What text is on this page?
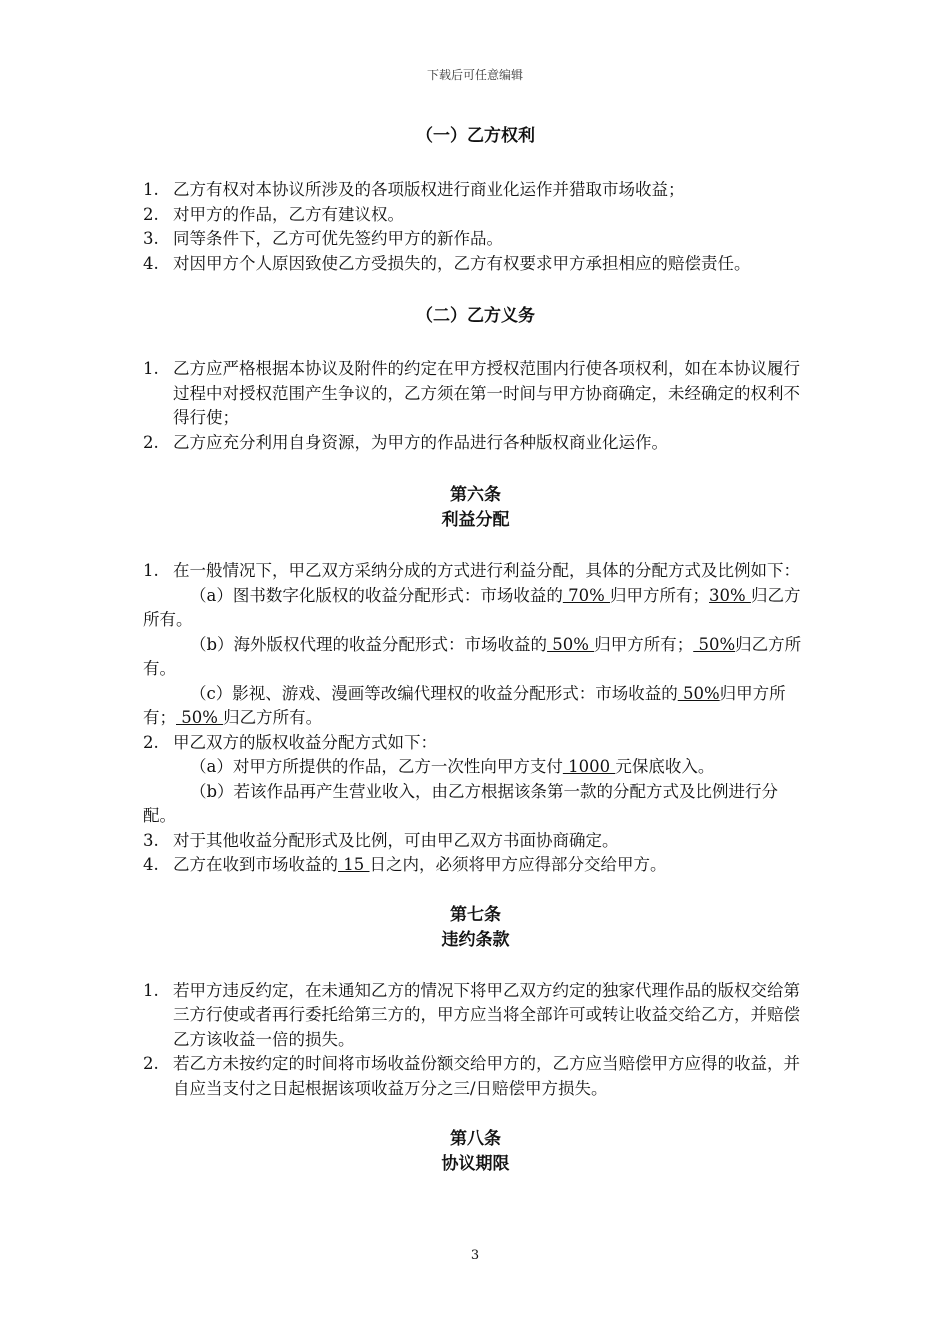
下载后可任意编辑
（一）乙方权利
1. 乙方有权对本协议所涉及的各项版权进行商业化运作并猎取市场收益；
2. 对甲方的作品，乙方有建议权。
3. 同等条件下，乙方可优先签约甲方的新作品。
4. 对因甲方个人原因致使乙方受损失的，乙方有权要求甲方承担相应的赔偿责任。
（二）乙方义务
1. 乙方应严格根据本协议及附件的约定在甲方授权范围内行使各项权利，如在本协议履行过程中对授权范围产生争议的，乙方须在第一时间与甲方协商确定，未经确定的权利不得行使；
2. 乙方应充分利用自身资源，为甲方的作品进行各种版权商业化运作。
第六条
利益分配
1. 在一般情况下，甲乙双方采纳分成的方式进行利益分配，具体的分配方式及比例如下：
（a）图书数字化版权的收益分配形式：市场收益的 70% 归甲方所有；30% 归乙方所有。
（b）海外版权代理的收益分配形式：市场收益的 50% 归甲方所有； 50%归乙方所有。
（c）影视、游戏、漫画等改编代理权的收益分配形式：市场收益的 50%归甲方所有； 50% 归乙方所有。
2. 甲乙双方的版权收益分配方式如下：
（a）对甲方所提供的作品，乙方一次性向甲方支付 1000 元保底收入。
（b）若该作品再产生营业收入，由乙方根据该条第一款的分配方式及比例进行分配。
3. 对于其他收益分配形式及比例，可由甲乙双方书面协商确定。
4. 乙方在收到市场收益的 15 日之内，必须将甲方应得部分交给甲方。
第七条
违约条款
1. 若甲方违反约定，在未通知乙方的情况下将甲乙双方约定的独家代理作品的版权交给第三方行使或者再行委托给第三方的，甲方应当将全部许可或转让收益交给乙方，并赔偿乙方该收益一倍的损失。
2. 若乙方未按约定的时间将市场收益份额交给甲方的，乙方应当赔偿甲方应得的收益，并自应当支付之日起根据该项收益万分之三/日赔偿甲方损失。
第八条
协议期限
3
